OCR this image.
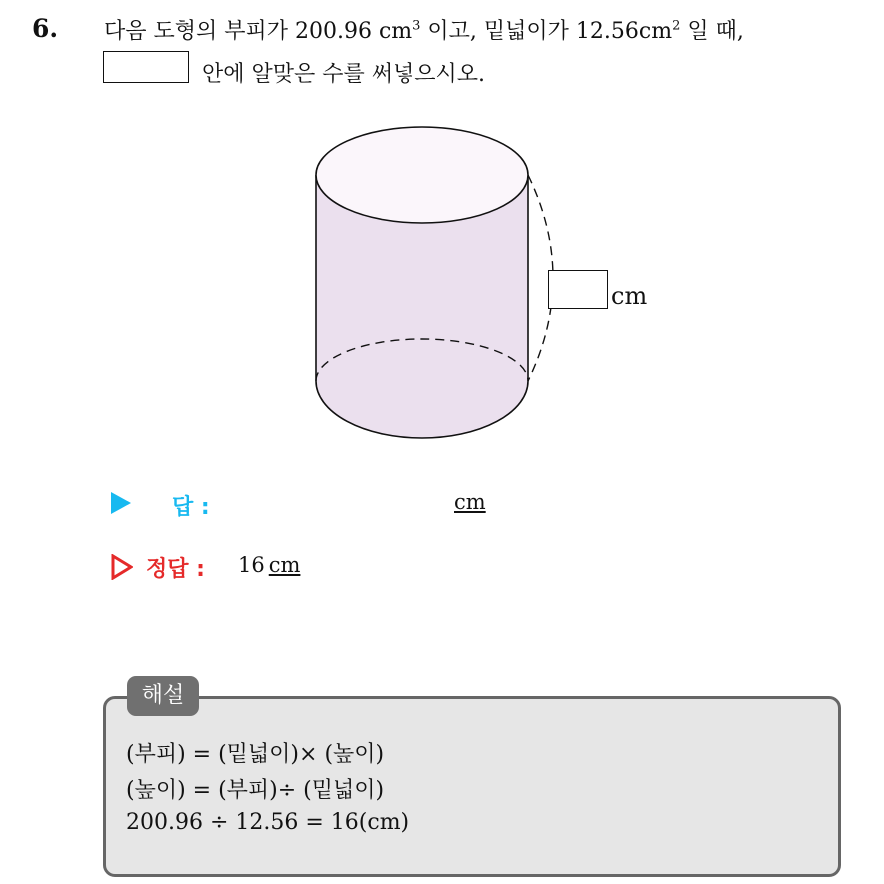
6. 다음 도형의 부피가 200.96 $cm^3$ 이고, 밑넓이가 $12.56cm^2$ 일 때,
안에 알맞은 수를 써넣으시오.
cm
답 :	cm
정답 : 16 cm
해설
(부피) = (밑넓이)× (높이)
(높이) = (부피)÷ (밑넓이)
200.96 ÷ 12.56 = 16(cm)
